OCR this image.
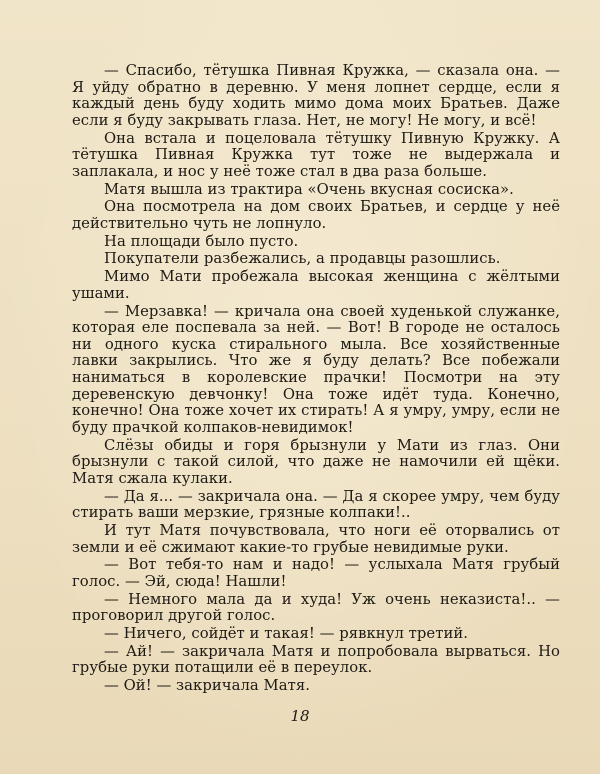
— Спасибо, тётушка Пивная Кружка, — сказала она. — Я уйду обратно в деревню. У меня лопнет сердце, если я каждый день буду ходить мимо дома моих Братьев. Даже если я буду закрывать глаза. Нет, не могу! Не могу, и всё!

Она встала и поцеловала тётушку Пивную Кружку. А тётушка Пивная Кружка тут тоже не выдержала и заплакала, и нос у неё тоже стал в два раза больше.

Матя вышла из трактира «Очень вкусная сосиска».

Она посмотрела на дом своих Братьев, и сердце у неё действительно чуть не лопнуло.

На площади было пусто.

Покупатели разбежались, а продавцы разошлись.

Мимо Мати пробежала высокая женщина с жёлтыми ушами.

— Мерзавка! — кричала она своей худенькой служанке, которая еле поспевала за ней. — Вот! В городе не осталось ни одного куска стирального мыла. Все хозяйственные лавки закрылись. Что же я буду делать? Все побежали наниматься в королевские прачки! Посмотри на эту деревенскую девчонку! Она тоже идёт туда. Конечно, конечно! Она тоже хочет их стирать! А я умру, умру, если не буду прачкой колпаков-невидимок!

Слёзы обиды и горя брызнули у Мати из глаз. Они брызнули с такой силой, что даже не намочили ей щёки. Матя сжала кулаки.

— Да я... — закричала она. — Да я скорее умру, чем буду стирать ваши мерзкие, грязные колпаки!..

И тут Матя почувствовала, что ноги её оторвались от земли и её сжимают какие-то грубые невидимые руки.

— Вот тебя-то нам и надо! — услыхала Матя грубый голос. — Эй, сюда! Нашли!

— Немного мала да и худа! Уж очень неказиста!.. — проговорил другой голос.

— Ничего, сойдёт и такая! — рявкнул третий.

— Ай! — закричала Матя и попробовала вырваться. Но грубые руки потащили её в переулок.

— Ой! — закричала Матя.

18
